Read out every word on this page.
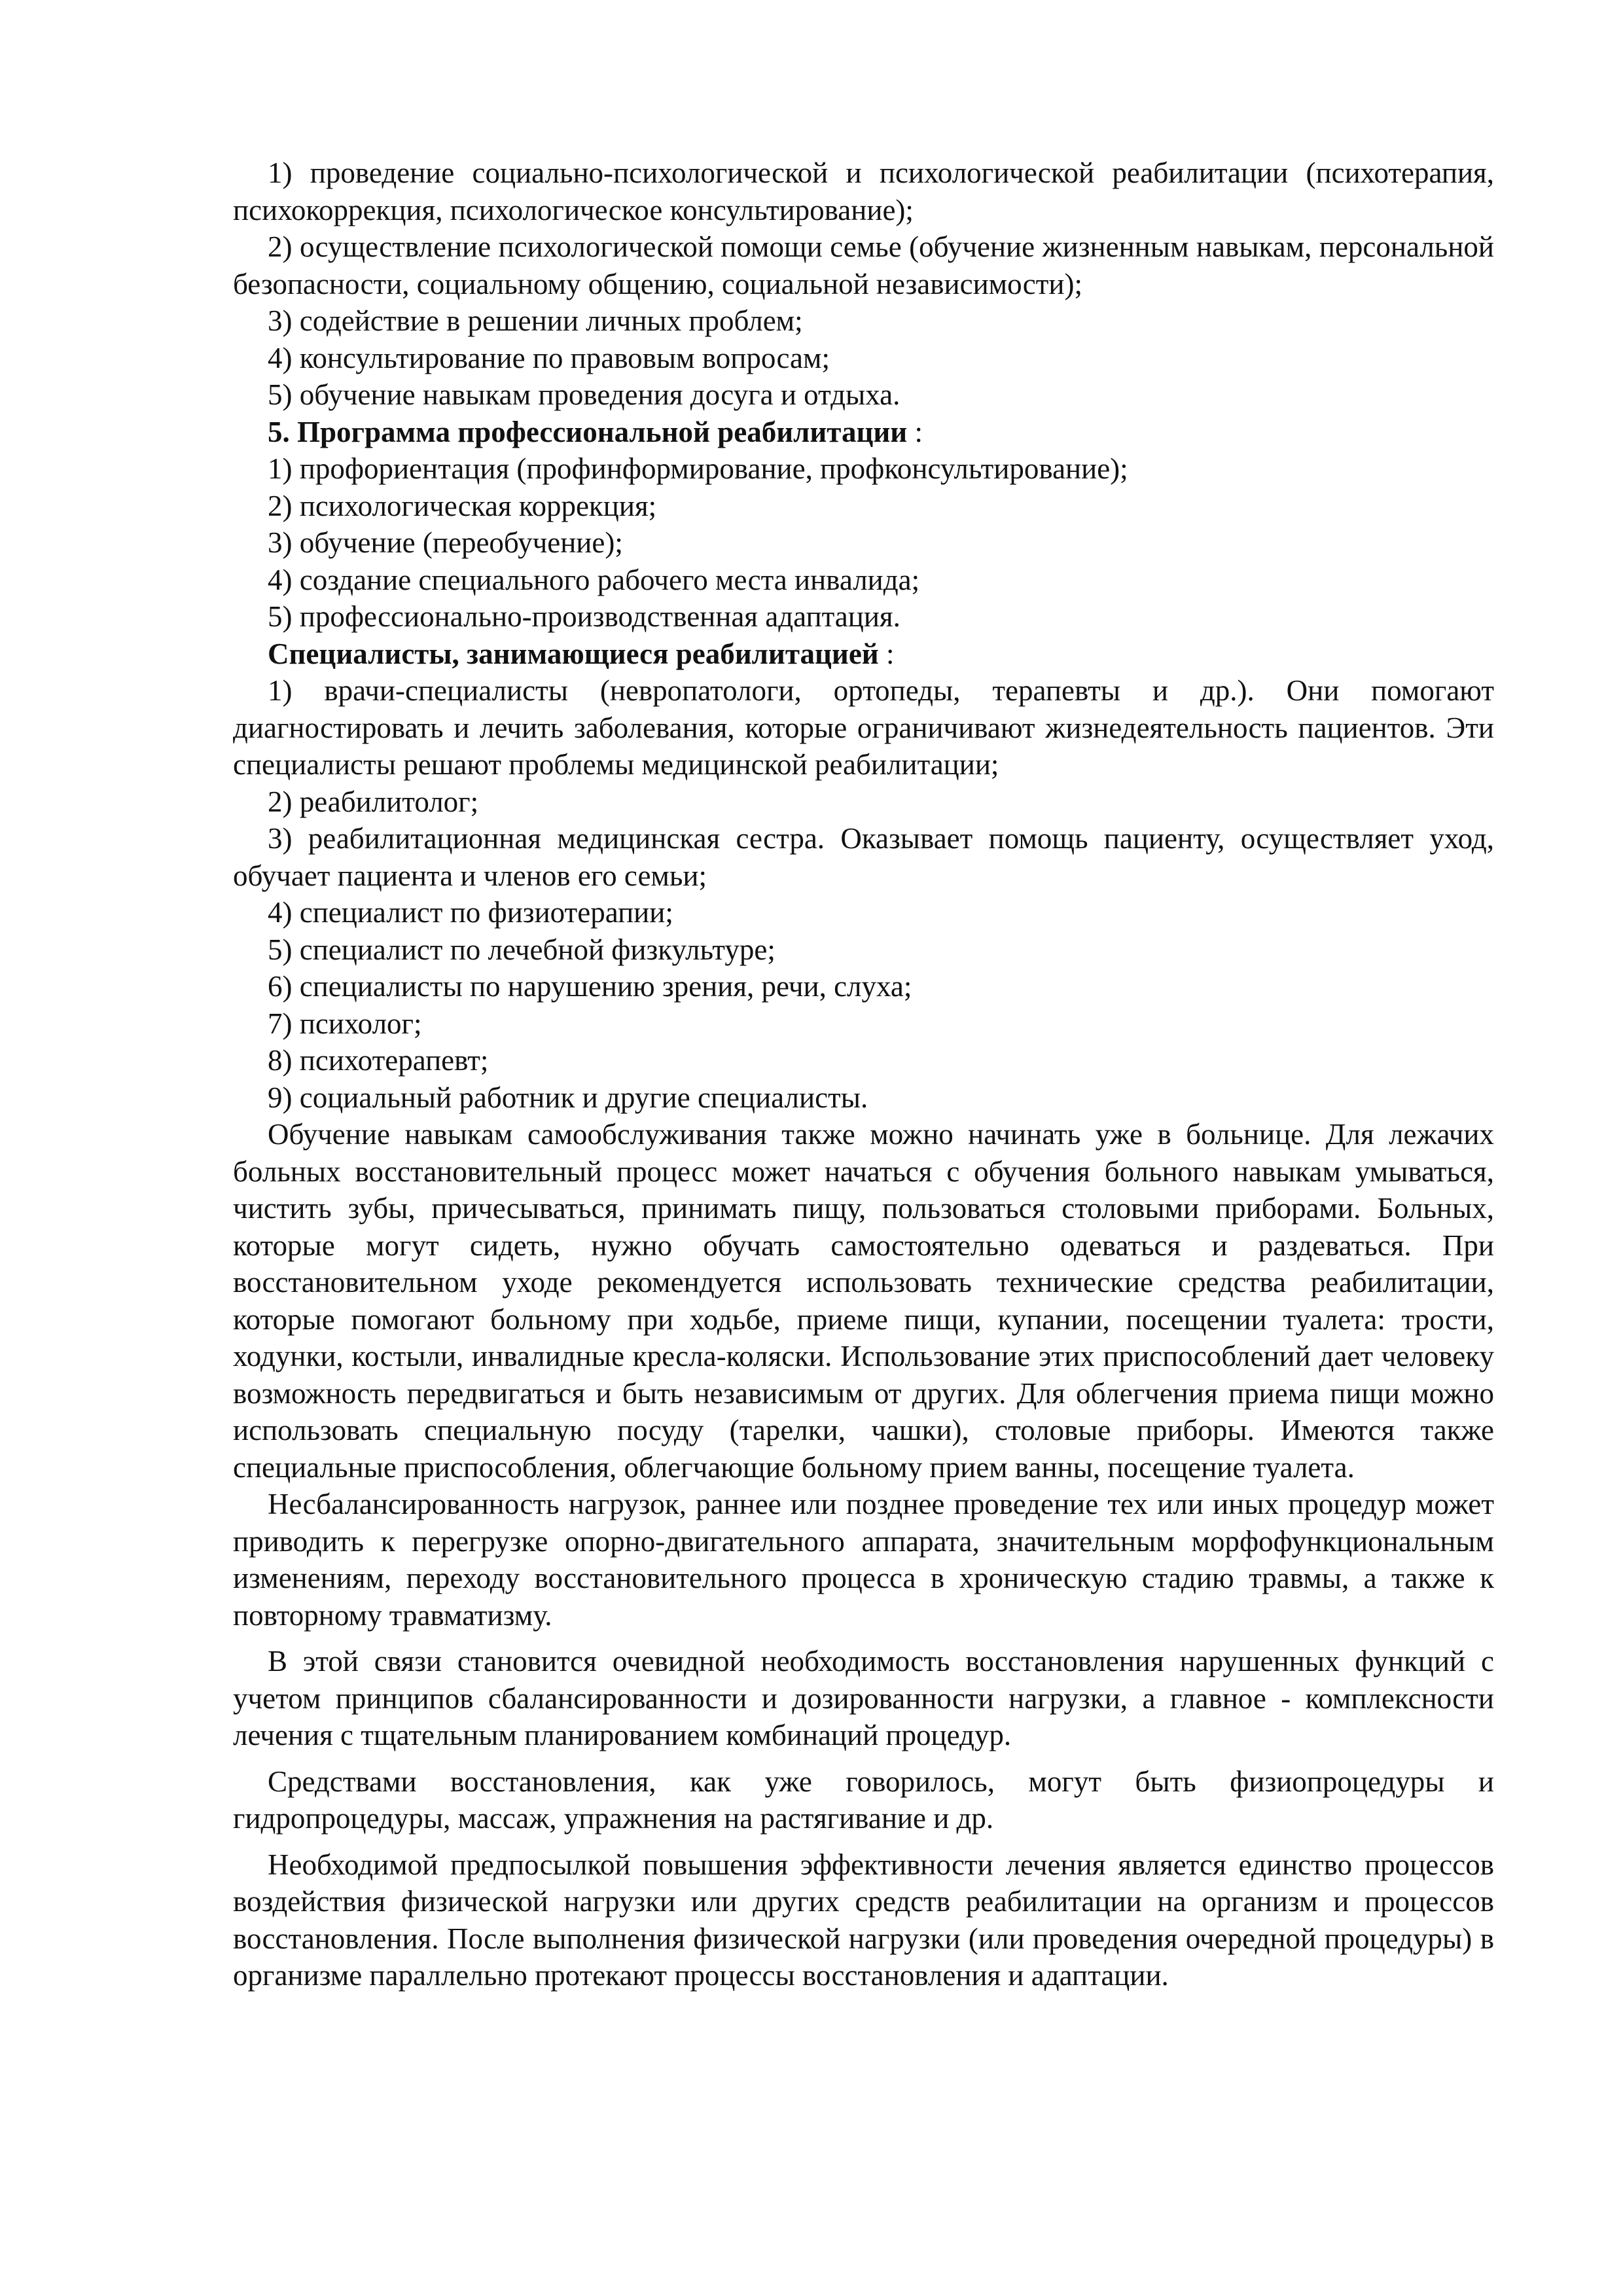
1) проведение социально-психологической и психологической реабилитации (психотерапия, психокоррекция, психологическое консультирование);

2) осуществление психологической помощи семье (обучение жизненным навыкам, персональной безопасности, социальному общению, социальной независимости);

3) содействие в решении личных проблем;

4) консультирование по правовым вопросам;

5) обучение навыкам проведения досуга и отдыха.

5. Программа профессиональной реабилитации :

1) профориентация (профинформирование, профконсультирование);

2) психологическая коррекция;

3) обучение (переобучение);

4) создание специального рабочего места инвалида;

5) профессионально-производственная адаптация.

Специалисты, занимающиеся реабилитацией :

1) врачи-специалисты (невропатологи, ортопеды, терапевты и др.). Они помогают диагностировать и лечить заболевания, которые ограничивают жизнедеятельность пациентов. Эти специалисты решают проблемы медицинской реабилитации;

2) реабилитолог;

3) реабилитационная медицинская сестра. Оказывает помощь пациенту, осуществляет уход, обучает пациента и членов его семьи;

4) специалист по физиотерапии;

5) специалист по лечебной физкультуре;

6) специалисты по нарушению зрения, речи, слуха;

7) психолог;

8) психотерапевт;

9) социальный работник и другие специалисты.

Обучение навыкам самообслуживания также можно начинать уже в больнице. Для лежачих больных восстановительный процесс может начаться с обучения больного навыкам умываться, чистить зубы, причесываться, принимать пищу, пользоваться столовыми приборами. Больных, которые могут сидеть, нужно обучать самостоятельно одеваться и раздеваться. При восстановительном уходе рекомендуется использовать технические средства реабилитации, которые помогают больному при ходьбе, приеме пищи, купании, посещении туалета: трости, ходунки, костыли, инвалидные кресла-коляски. Использование этих приспособлений дает человеку возможность передвигаться и быть независимым от других. Для облегчения приема пищи можно использовать специальную посуду (тарелки, чашки), столовые приборы. Имеются также специальные приспособления, облегчающие больному прием ванны, посещение туалета.

Несбалансированность нагрузок, раннее или позднее проведение тех или иных процедур может приводить к перегрузке опорно-двигательного аппарата, значительным морфофункциональным изменениям, переходу восстановительного процесса в хроническую стадию травмы, а также к повторному травматизму.

В этой связи становится очевидной необходимость восстановления нарушенных функций с учетом принципов сбалансированности и дозированности нагрузки, а главное - комплексности лечения с тщательным планированием комбинаций процедур.

Средствами восстановления, как уже говорилось, могут быть физиопроцедуры и гидропроцедуры, массаж, упражнения на растягивание и др.

Необходимой предпосылкой повышения эффективности лечения является единство процессов воздействия физической нагрузки или других средств реабилитации на организм и процессов восстановления. После выполнения физической нагрузки (или проведения очередной процедуры) в организме параллельно протекают процессы восстановления и адаптации.
